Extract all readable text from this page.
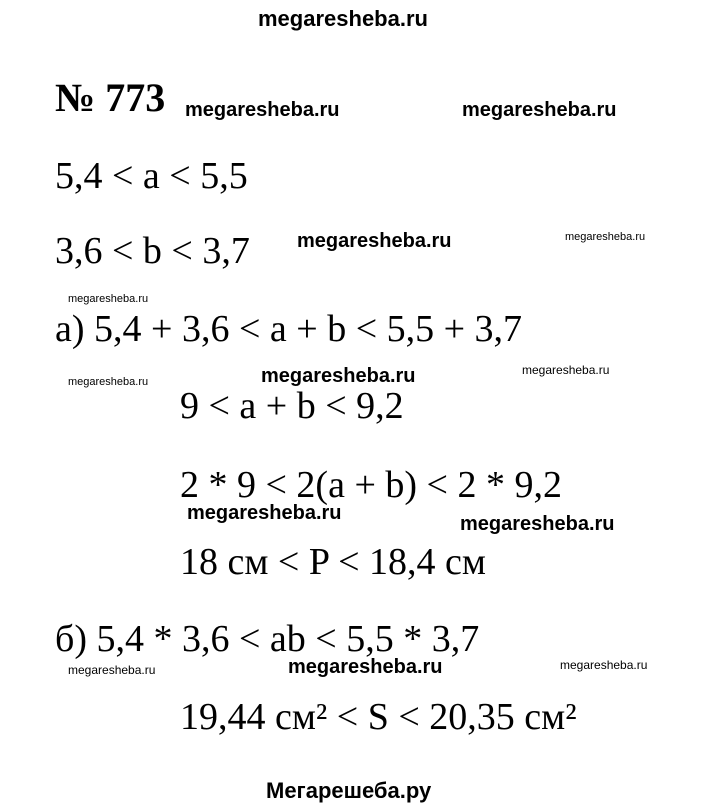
megaresheba.ru
megaresheba.ru	megaresheba.ru
megaresheba.ru	megaresheba.ru
megaresheba.ru
megaresheba.ru	megaresheba.ru	megaresheba.ru
megaresheba.ru	megaresheba.ru
megaresheba.ru
megaresheba.ru	megaresheba.ru
Мегарешеба.ру
№ 773
5,4 < a < 5,5
3,6 < b < 3,7
а) 5,4 + 3,6 < a + b < 5,5 + 3,7
9 < a + b < 9,2
2 * 9 < 2(a + b) < 2 * 9,2
18 см < P < 18,4 см
б) 5,4 * 3,6 < ab < 5,5 * 3,7
19,44 см² < S < 20,35 см²
